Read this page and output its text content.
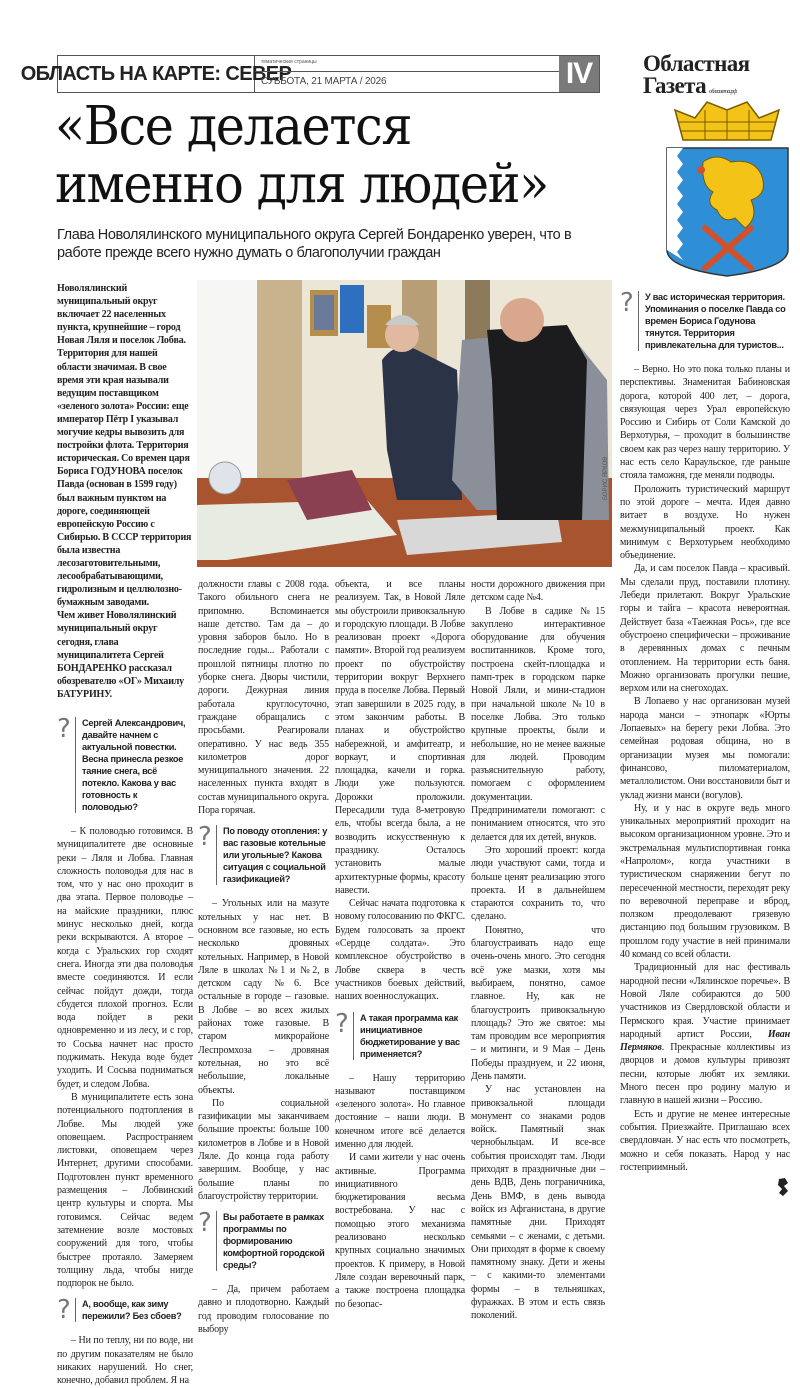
ОБЛАСТЬ НА КАРТЕ: СЕВЕР
тематические страницы
СУББОТА, 21 МАРТА / 2026	IV Областная
Газета облгазета.рф
«Все делается
именно для людей»
Глава Новолялинского муниципального округа Сергей Бондаренко уверен, что в работе прежде всего нужно думать о благополучии граждан
Новолялинский муниципальный округ включает 22 населенных пункта, крупнейшие – город Новая Ляля и поселок Лобва. Территория для нашей области значимая. В свое время эти края называли ведущим поставщиком «зеленого золота» России: еще император Пётр I указывал могучие кедры вывозить для постройки флота. Территория историческая. Со времен царя Бориса ГОДУНОВА поселок Павда (основан в 1599 году) был важным пунктом на дороге, соединяющей европейскую Россию с Сибирью. В СССР территория была известна лесозаготовительными, лесообрабатывающими, гидролизным и целлюлозно-бумажным заводами.
Чем живет Новолялинский муниципальный округ сегодня, глава муниципалитета Сергей БОНДАРЕНКО рассказал обозревателю «ОГ» Михаилу БАТУРИНУ.
?	Сергей Александрович, давайте начнем с актуальной повестки. Весна принесла резкое таяние снега, всё потекло. Какова у вас готовность к половодью?

– К половодью готовимся. В муниципалитете две основные реки – Ляля и Лобва. Главная сложность половодья для нас в том, что у нас оно проходит в два этапа. Первое половодье – на майские праздники, плюс минус несколько дней, когда реки вскрываются. А второе – когда с Уральских гор сходят снега. Иногда эти два половодья вместе соединяются. И если сейчас пойдут дожди, тогда сбудется плохой прогноз. Если вода пойдет в реки одновременно и из лесу, и с гор, то Сосьва начнет нас просто поджимать. Некуда воде будет уходить. И Сосьва подниматься будет, и следом Лобва.

В муниципалитете есть зона потенциального подтопления в Лобве. Мы людей уже оповещаем. Распространяем листовки, оповещаем через Интернет, другими способами. Подготовлен пункт временного размещения – Лобвинский центр культуры и спорта. Мы готовимся. Сейчас ведем затемнение возле мостовых сооружений для того, чтобы быстрее протаяло. Замеряем толщину льда, чтобы нигде подпорок не было.

?	А, вообще, как зиму пережили? Без сбоев?

– Ни по теплу, ни по воде, ни по другим показателям не было никаких нарушений. Но снег, конечно, добавил проблем. Я на

БОРИС ЯРКОВ

должности главы с 2008 года. Такого обильного снега не припомню. Вспоминается наше детство. Там да – до уровня заборов было. Но в последние годы... Работали с прошлой пятницы плотно по уборке снега. Дворы чистили, дороги. Дежурная линия работала круглосуточно, граждане обращались с просьбами. Реагировали оперативно. У нас ведь 355 километров дорог муниципального значения. 22 населенных пункта входят в состав муниципального округа. Пора горячая.

?	По поводу отопления: у вас газовые котельные или угольные? Какова ситуация с социальной газификацией?

– Угольных или на мазуте котельных у нас нет. В основном все газовые, но есть несколько дровяных котельных. Например, в Новой Ляле в школах №1 и №2, в детском саду №6. Все остальные в городе – газовые. В Лобве – во всех жилых районах тоже газовые. В старом микрорайоне Леспромхоза – дровяная котельная, но это всё небольшие, локальные объекты.

По социальной газификации мы заканчиваем большие проекты: больше 100 километров в Лобве и в Новой Ляле. До конца года работу завершим. Вообще, у нас большие планы по благоустройству территории.

?	Вы работаете в рамках программы по формированию комфортной городской среды?

– Да, причем работаем давно и плодотворно. Каждый год проводим голосование по выбору

объекта, и все планы реализуем. Так, в Новой Ляле мы обустроили привокзальную и городскую площади. В Лобве реализован проект «Дорога памяти». Второй год реализуем проект по обустройству территории вокруг Верхнего пруда в поселке Лобва. Первый этап завершили в 2025 году, в этом закончим работы. В планах и обустройство набережной, и амфитеатр, и воркаут, и спортивная площадка, качели и горка. Люди уже пользуются. Дорожки проложили. Пересадили туда 8-метровую ель, чтобы всегда была, а не возводить искусственную к празднику. Осталось установить малые архитектурные формы, красоту навести.

Сейчас начата подготовка к новому голосованию по ФКГС. Будем голосовать за проект «Сердце солдата». Это комплексное обустройство в Лобве сквера в честь участников боевых действий, наших военнослужащих.

?	А такая программа как инициативное бюджетирование у вас применяется?

– Нашу территорию называют поставщиком «зеленого золота». Но главное достояние – наши люди. В конечном итоге всё делается именно для людей.

И сами жители у нас очень активные. Программа инициативного бюджетирования весьма востребована. У нас с помощью этого механизма реализовано несколько крупных социально значимых проектов. К примеру, в Новой Ляле создан веревочный парк, а также построена площадка по безопас-

ности дорожного движения при детском саде №4.

В Лобве в садике №15 закуплено интерактивное оборудование для обучения воспитанников. Кроме того, построена скейт-площадка и памп-трек в городском парке Новой Ляли, и мини-стадион при начальной школе №10 в поселке Лобва. Это только крупные проекты, были и небольшие, но не менее важные для людей. Проводим разъяснительную работу, помогаем с оформлением документации. Предприниматели помогают: с пониманием относятся, что это делается для их детей, внуков.

Это хороший проект: когда люди участвуют сами, тогда и больше ценят реализацию этого проекта. И в дальнейшем стараются сохранить то, что сделано.

Понятно, что благоустраивать надо еще очень-очень много. Это сегодня всё уже мазки, хотя мы выбираем, понятно, самое главное. Ну, как не благоустроить привокзальную площадь? Это же святое: мы там проводим все мероприятия – и митинги, и 9 Мая – День Победы празднуем, и 22 июня, День памяти.

У нас установлен на привокзальной площади монумент со знаками родов войск. Памятный знак чернобыльцам. И все-все события происходят там. Люди приходят в праздничные дни – день ВДВ, День пограничника, День ВМФ, в день вывода войск из Афганистана, в другие памятные дни. Приходят семьями – с женами, с детьми. Они приходят в форме к своему памятному знаку. Дети и жены – с какими-то элементами формы – в тельняшках, фуражках. В этом и есть связь поколений.

?	У вас историческая территория. Упоминания о поселке Павда со времен Бориса Годунова тянутся. Территория привлекательна для туристов...

– Верно. Но это пока только планы и перспективы. Знаменитая Бабиновская дорога, которой 400 лет, – дорога, связующая через Урал европейскую Россию и Сибирь от Соли Камской до Верхотурья, – проходит в большинстве своем как раз через нашу территорию. У нас есть село Караульское, где раньше стояла таможня, где меняли подводы.

Проложить туристический маршрут по этой дороге – мечта. Идея давно витает в воздухе. Но нужен межмуниципальный проект. Как минимум с Верхотурьем необходимо объединение.

Да, и сам поселок Павда – красивый. Мы сделали пруд, поставили плотину. Лебеди прилетают. Вокруг Уральские горы и тайга – красота невероятная. Действует база «Таежная Рось», где все обустроено специфически – проживание в деревянных домах с печным отоплением. На территории есть баня. Можно организовать прогулки пешие, верхом или на снегоходах.

В Лопаево у нас организован музей народа манси – этнопарк «Юрты Лопаевых» на берегу реки Лобва. Это семейная родовая община, но в организации музея мы помогали: финансово, пиломатериалом, металлолистом. Они восстановили быт и уклад жизни манси (вогулов).

Ну, и у нас в округе ведь много уникальных мероприятий проходит на высоком организационном уровне. Это и экстремальная мультиспортивная гонка «Напролом», когда участники в туристическом снаряжении бегут по пересеченной местности, переходят реку по веревочной переправе и вброд, ползком преодолевают грязевую дистанцию под большим грузовиком. В прошлом году участие в ней принимали 40 команд со всей области.

Традиционный для нас фестиваль народной песни «Лялинское поречье». В Новой Ляле собираются до 500 участников из Свердловской области и Пермского края. Участие принимает народный артист России, Иван Пермяков. Прекрасные коллективы из дворцов и домов культуры привозят песни, которые любят их земляки. Много песен про родину малую и главную в нашей жизни – Россию.

Есть и другие не менее интересные события. Приезжайте. Приглашаю всех свердловчан. У нас есть что посмотреть, можно и себя показать. Народ у нас гостеприимный.
